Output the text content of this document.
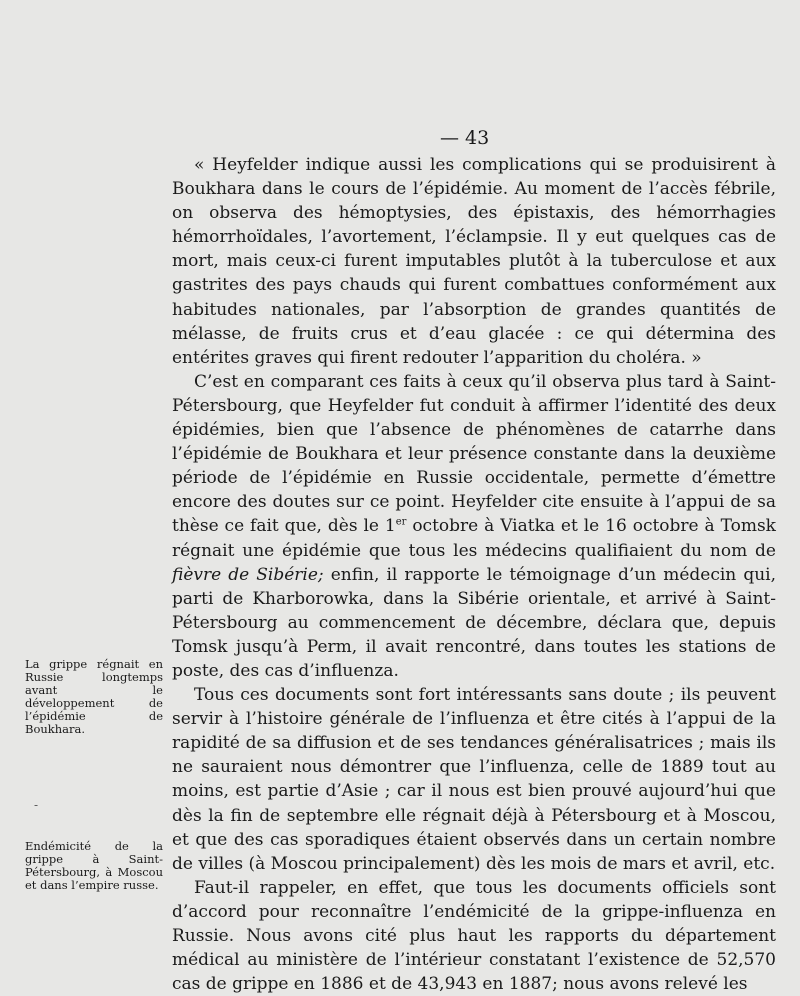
— 43

« Heyfelder indique aussi les complications qui se produisirent à Boukhara dans le cours de l’épidémie. Au moment de l’accès fébrile, on observa des hémoptysies, des épistaxis, des hémorrhagies hémorrhoïdales, l’avortement, l’éclampsie. Il y eut quelques cas de mort, mais ceux-ci furent imputables plutôt à la tuberculose et aux gastrites des pays chauds qui furent combattues conformément aux habitudes nationales, par l’absorption de grandes quantités de mélasse, de fruits crus et d’eau glacée : ce qui détermina des entérites graves qui firent redouter l’apparition du choléra. »

C’est en comparant ces faits à ceux qu’il observa plus tard à Saint-Pétersbourg, que Heyfelder fut conduit à affirmer l’identité des deux épidémies, bien que l’absence de phénomènes de catarrhe dans l’épidémie de Boukhara et leur présence constante dans la deuxième période de l’épidémie en Russie occidentale, permette d’émettre encore des doutes sur ce point. Heyfelder cite ensuite à l’appui de sa thèse ce fait que, dès le 1er octobre à Viatka et le 16 octobre à Tomsk régnait une épidémie que tous les médecins qualifiaient du nom de fièvre de Sibérie; enfin, il rapporte le témoignage d’un médecin qui, parti de Kharborowka, dans la Sibérie orientale, et arrivé à Saint-Pétersbourg au commencement de décembre, déclara que, depuis Tomsk jusqu’à Perm, il avait rencontré, dans toutes les stations de poste, des cas d’influenza.

Tous ces documents sont fort intéressants sans doute ; ils peuvent servir à l’histoire générale de l’influenza et être cités à l’appui de la rapidité de sa diffusion et de ses tendances généralisatrices ; mais ils ne sauraient nous démontrer que l’influenza, celle de 1889 tout au moins, est partie d’Asie ; car il nous est bien prouvé aujourd’hui que dès la fin de septembre elle régnait déjà à Pétersbourg et à Moscou, et que des cas sporadiques étaient observés dans un certain nombre de villes (à Moscou principalement) dès les mois de mars et avril, etc.

Faut-il rappeler, en effet, que tous les documents officiels sont d’accord pour reconnaître l’endémicité de la grippe-influenza en Russie. Nous avons cité plus haut les rapports du département médical au ministère de l’intérieur constatant l’existence de 52,570 cas de grippe en 1886 et de 43,943 en 1887; nous avons relevé les

La grippe régnait en Russie longtemps avant le développement de l’épidémie de Boukhara.
-
Endémicité de la grippe à Saint-Pétersbourg, à Moscou et dans l’empire russe.
